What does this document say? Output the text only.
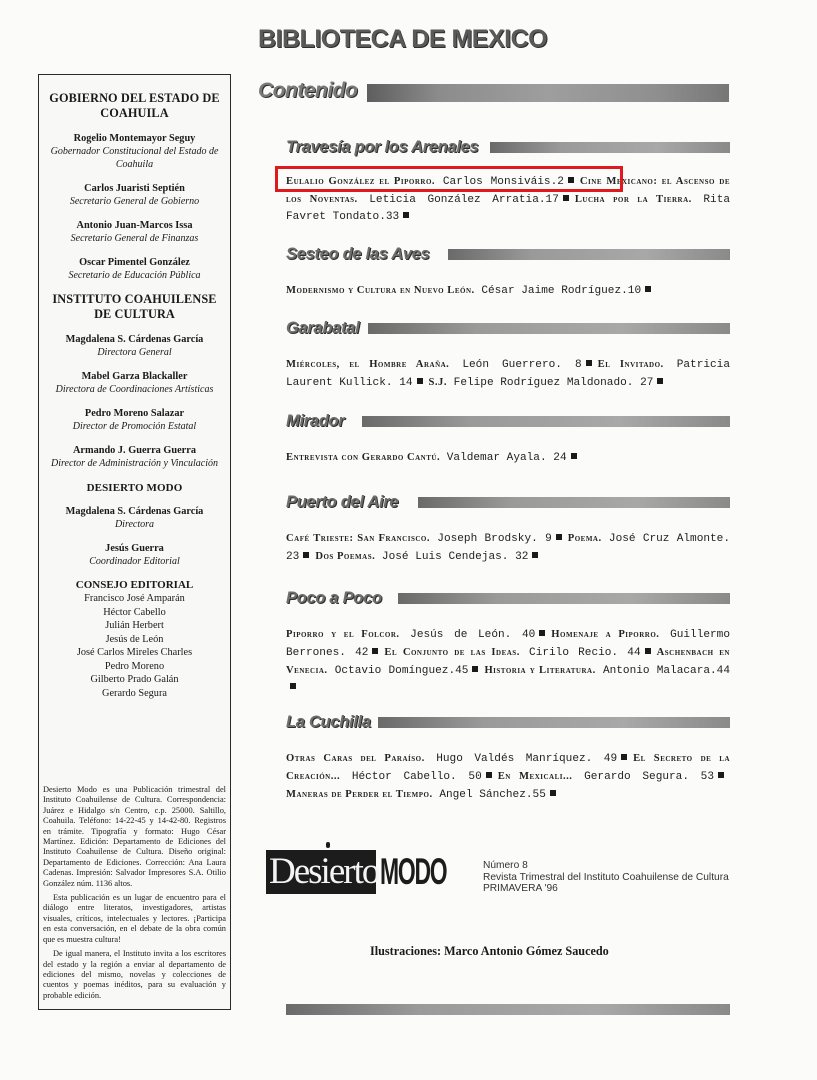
BIBLIOTECA DE MEXICO
GOBIERNO DEL ESTADO DE COAHUILA
Rogelio Montemayor Seguy
Gobernador Constitucional del Estado de Coahuila
Carlos Juaristi Septién
Secretario General de Gobierno
Antonio Juan-Marcos Issa
Secretario General de Finanzas
Oscar Pimentel González
Secretario de Educación Pública
INSTITUTO COAHUILENSE DE CULTURA
Magdalena S. Cárdenas García
Directora General
Mabel Garza Blackaller
Directora de Coordinaciones Artísticas
Pedro Moreno Salazar
Director de Promoción Estatal
Armando J. Guerra Guerra
Director de Administración y Vinculación
DESIERTO MODO
Magdalena S. Cárdenas García
Directora
Jesús Guerra
Coordinador Editorial
CONSEJO EDITORIAL
Francisco José Amparán
Héctor Cabello
Julián Herbert
Jesús de León
José Carlos Mireles Charles
Pedro Moreno
Gilberto Prado Galán
Gerardo Segura

Desierto Modo es una Publicación trimestral del Instituto Coahuilense de Cultura. Correspondencia: Juárez e Hidalgo s/n Centro, c.p. 25000. Saltillo, Coahuila. Teléfono: 14-22-45 y 14-42-80. Registros en trámite. Tipografía y formato: Hugo César Martínez. Edición: Departamento de Ediciones del Instituto Coahuilense de Cultura. Diseño original: Departamento de Ediciones. Corrección: Ana Laura Cadenas. Impresión: Salvador Impresores S.A. Otilio González núm. 1136 altos.

Esta publicación es un lugar de encuentro para el diálogo entre literatos, investigadores, artistas visuales, críticos, intelectuales y lectores. ¡Participa en esta conversación, en el debate de la obra común que es muestra cultura!

De igual manera, el Instituto invita a los escritores del estado y la región a enviar al departamento de ediciones del mismo, novelas y colecciones de cuentos y poemas inéditos, para su evaluación y probable edición.

Contenido
Travesía por los Arenales
Eulalio González el Piporro. Carlos Monsiváis.2 Cine Mexicano: el Ascenso de los Noventas. Leticia González Arratia.17 Lucha por la Tierra. Rita Favret Tondato.33
Sesteo de las Aves
Modernismo y Cultura en Nuevo León. César Jaime Rodríguez.10
Garabatal
Miércoles, el Hombre Araña. León Guerrero. 8 El Invitado. Patricia Laurent Kullick. 14 S.J. Felipe Rodríguez Maldonado. 27
Mirador
Entrevista con Gerardo Cantú. Valdemar Ayala. 24
Puerto del Aire
Café Trieste: San Francisco. Joseph Brodsky. 9 Poema. José Cruz Almonte. 23 Dos Poemas. José Luis Cendejas. 32
Poco a Poco
Piporro y el Folcor. Jesús de León. 40 Homenaje a Piporro. Guillermo Berrones. 42 El Conjunto de las Ideas. Cirilo Recio. 44 Aschenbach en Venecia. Octavio Domínguez.45 Historia y Literatura. Antonio Malacara.44
La Cuchilla
Otras Caras del Paraíso. Hugo Valdés Manríquez. 49 El Secreto de la Creación... Héctor Cabello. 50 En Mexicali... Gerardo Segura. 53Maneras de Perder el Tiempo. Angel Sánchez.55
Desierto MODO	Número 8
Revista Trimestral del Instituto Coahuilense de Cultura
PRIMAVERA '96
Ilustraciones: Marco Antonio Gómez Saucedo
